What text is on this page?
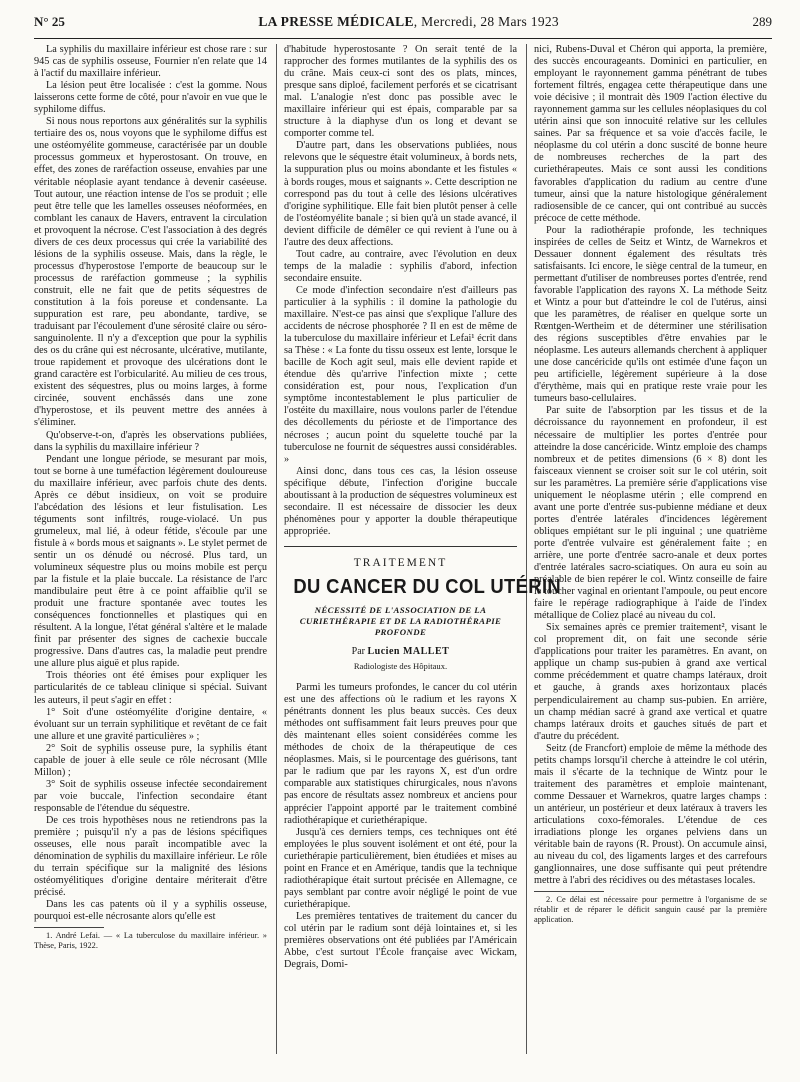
N° 25	LA PRESSE MÉDICALE, Mercredi, 28 Mars 1923	289

La syphilis du maxillaire inférieur est chose rare : sur 945 cas de syphilis osseuse, Fournier n'en relate que 14 à l'actif du maxillaire inférieur.

La lésion peut être localisée : c'est la gomme. Nous laisserons cette forme de côté, pour n'avoir en vue que le syphilome diffus.

Si nous nous reportons aux généralités sur la syphilis tertiaire des os, nous voyons que le syphilome diffus est une ostéomyélite gommeuse, caractérisée par un double processus gommeux et hyperostosant. On trouve, en effet, des zones de raréfaction osseuse, envahies par une véritable néoplasie ayant tendance à devenir caséeuse. Tout autour, une réaction intense de l'os se produit ; elle peut être telle que les lamelles osseuses néoformées, en comblant les canaux de Havers, entravent la circulation et provoquent la nécrose. C'est l'association à des degrés divers de ces deux processus qui crée la variabilité des lésions de la syphilis osseuse. Mais, dans la règle, le processus d'hyperostose l'emporte de beaucoup sur le processus de raréfaction gommeuse ; la syphilis construit, elle ne fait que de petits séquestres de constitution à la fois poreuse et condensante. La suppuration est rare, peu abondante, tardive, se traduisant par l'écoulement d'une sérosité claire ou séro-sanguinolente. Il n'y a d'exception que pour la syphilis des os du crâne qui est nécrosante, ulcérative, mutilante, troue rapidement et provoque des ulcérations dont le grand caractère est l'orbicularité. Au milieu de ces trous, existent des séquestres, plus ou moins larges, à forme circinée, souvent enchâssés dans une zone d'hyperostose, et ils peuvent mettre des années à s'éliminer.

Qu'observe-t-on, d'après les observations publiées, dans la syphilis du maxillaire inférieur ?

Pendant une longue période, se mesurant par mois, tout se borne à une tuméfaction légèrement douloureuse du maxillaire inférieur, avec parfois chute des dents. Après ce début insidieux, on voit se produire l'abcédation des lésions et leur fistulisation. Les téguments sont infiltrés, rouge-violacé. Un pus grumeleux, mal lié, à odeur fétide, s'écoule par une fistule à « bords mous et saignants ». Le stylet permet de sentir un os dénudé ou nécrosé. Plus tard, un volumineux séquestre plus ou moins mobile est perçu par la fistule et la plaie buccale. La résistance de l'arc mandibulaire peut être à ce point affaiblie qu'il se produit une fracture spontanée avec toutes les conséquences fonctionnelles et plastiques qui en résultent. A la longue, l'état général s'altère et le malade finit par présenter des signes de cachexie buccale progressive. Dans d'autres cas, la maladie peut prendre une allure plus aiguë et plus rapide.

Trois théories ont été émises pour expliquer les particularités de ce tableau clinique si spécial. Suivant les auteurs, il peut s'agir en effet :

1° Soit d'une ostéomyélite d'origine dentaire, « évoluant sur un terrain syphilitique et revêtant de ce fait une allure et une gravité particulières » ;

2° Soit de syphilis osseuse pure, la syphilis étant capable de jouer à elle seule ce rôle nécrosant (Mlle Millon) ;

3° Soit de syphilis osseuse infectée secondairement par voie buccale, l'infection secondaire étant responsable de l'étendue du séquestre.

De ces trois hypothèses nous ne retiendrons pas la première ; puisqu'il n'y a pas de lésions spécifiques osseuses, elle nous paraît incompatible avec la dénomination de syphilis du maxillaire inférieur. Le rôle du terrain spécifique sur la malignité des lésions ostéomyélitiques d'origine dentaire mériterait d'être précisé.

Dans les cas patents où il y a syphilis osseuse, pourquoi est-elle nécrosante alors qu'elle est

1. André Lefai. — « La tuberculose du maxillaire inférieur. » Thèse, Paris, 1922.

d'habitude hyperostosante ? On serait tenté de la rapprocher des formes mutilantes de la syphilis des os du crâne. Mais ceux-ci sont des os plats, minces, presque sans diploé, facilement perforés et se cicatrisant mal. L'analogie n'est donc pas possible avec le maxillaire inférieur qui est épais, comparable par sa structure à la diaphyse d'un os long et devant se comporter comme tel.

D'autre part, dans les observations publiées, nous relevons que le séquestre était volumineux, à bords nets, la suppuration plus ou moins abondante et les fistules « à bords rouges, mous et saignants ». Cette description ne correspond pas du tout à celle des lésions ulcératives d'origine syphilitique. Elle fait bien plutôt penser à celle de l'ostéomyélite banale ; si bien qu'à un stade avancé, il devient difficile de démêler ce qui revient à l'une ou à l'autre des deux affections.

Tout cadre, au contraire, avec l'évolution en deux temps de la maladie : syphilis d'abord, infection secondaire ensuite.

Ce mode d'infection secondaire n'est d'ailleurs pas particulier à la syphilis : il domine la pathologie du maxillaire. N'est-ce pas ainsi que s'explique l'allure des accidents de nécrose phosphorée ? Il en est de même de la tuberculose du maxillaire inférieur et Lefai¹ écrit dans sa Thèse : « La fonte du tissu osseux est lente, lorsque le bacille de Koch agit seul, mais elle devient rapide et étendue dès qu'arrive l'infection mixte ; cette considération est, pour nous, l'explication d'un symptôme incontestablement le plus particulier de l'ostéite du maxillaire, nous voulons parler de l'étendue des décollements du périoste et de l'importance des nécroses ; aucun point du squelette touché par la tuberculose ne fournit de séquestres aussi considérables. »

Ainsi donc, dans tous ces cas, la lésion osseuse spécifique débute, l'infection d'origine buccale aboutissant à la production de séquestres volumineux est secondaire. Il est nécessaire de dissocier les deux phénomènes pour y apporter la double thérapeutique appropriée.

TRAITEMENT
DU CANCER DU COL UTÉRIN
NÉCESSITÉ DE L'ASSOCIATION DE LA CURIETHÉRAPIE ET DE LA RADIOTHÉRAPIE PROFONDE
Par Lucien MALLET
Radiologiste des Hôpitaux.

Parmi les tumeurs profondes, le cancer du col utérin est une des affections où le radium et les rayons X pénétrants donnent les plus beaux succès. Ces deux méthodes ont suffisamment fait leurs preuves pour que dès maintenant elles soient considérées comme les méthodes de choix de la thérapeutique de ces néoplasmes. Mais, si le pourcentage des guérisons, tant par le radium que par les rayons X, est d'un ordre comparable aux statistiques chirurgicales, nous n'avons pas encore de résultats assez nombreux et anciens pour apprécier l'appoint apporté par le traitement combiné radiothérapique et curiethérapique.

Jusqu'à ces derniers temps, ces techniques ont été employées le plus souvent isolément et ont été, pour la curiethérapie particulièrement, bien étudiées et mises au point en France et en Amérique, tandis que la technique radiothérapique était surtout précisée en Allemagne, ce pays semblant par contre avoir négligé le point de vue curiethérapique.

Les premières tentatives de traitement du cancer du col utérin par le radium sont déjà lointaines et, si les premières observations ont été publiées par l'Américain Abbe, c'est surtout l'École française avec Wickam, Degrais, Domi-

nici, Rubens-Duval et Chéron qui apporta, la première, des succès encourageants. Dominici en particulier, en employant le rayonnement gamma pénétrant de tubes fortement filtrés, engagea cette thérapeutique dans une voie décisive ; il montrait dès 1909 l'action élective du rayonnement gamma sur les cellules néoplasiques du col utérin ainsi que son innocuité relative sur les cellules saines. Par sa fréquence et sa voie d'accès facile, le néoplasme du col utérin a donc suscité de bonne heure de nombreuses recherches de la part des curiethérapeutes. Mais ce sont aussi les conditions favorables d'application du radium au centre d'une tumeur, ainsi que la nature histologique généralement radiosensible de ce cancer, qui ont contribué au succès précoce de cette méthode.

Pour la radiothérapie profonde, les techniques inspirées de celles de Seitz et Wintz, de Warnekros et Dessauer donnent également des résultats très satisfaisants. Ici encore, le siège central de la tumeur, en permettant d'utiliser de nombreuses portes d'entrée, rend favorable l'application des rayons X. La méthode Seitz et Wintz a pour but d'atteindre le col de l'utérus, ainsi que les paramètres, de réaliser en quelque sorte un Rœntgen-Wertheim et de déterminer une stérilisation des régions susceptibles d'être envahies par le néoplasme. Les auteurs allemands cherchent à appliquer une dose cancéricide qu'ils ont estimée d'une façon un peu artificielle, légèrement supérieure à la dose d'érythème, mais qui en pratique reste vraie pour les tumeurs baso-cellulaires.

Par suite de l'absorption par les tissus et de la décroissance du rayonnement en profondeur, il est nécessaire de multiplier les portes d'entrée pour atteindre la dose cancéricide. Wintz emploie des champs nombreux et de petites dimensions (6 × 8) dont les faisceaux viennent se croiser soit sur le col utérin, soit sur les paramètres. La première série d'applications vise uniquement le néoplasme utérin ; elle comprend en avant une porte d'entrée sus-pubienne médiane et deux portes d'entrée latérales d'incidences légèrement obliques empiétant sur le pli inguinal ; une quatrième porte d'entrée vulvaire est généralement faite ; en arrière, une porte d'entrée sacro-anale et deux portes d'entrée latérales sacro-sciatiques. On aura eu soin au préalable de bien repérer le col. Wintz conseille de faire le toucher vaginal en orientant l'ampoule, ou peut encore faire le repérage radiographique à l'aide de l'index métallique de Coliez placé au niveau du col.

Six semaines après ce premier traitement², visant le col proprement dit, on fait une seconde série d'applications pour traiter les paramètres. En avant, on applique un champ sus-pubien à grand axe vertical comme précédemment et quatre champs latéraux, droit et gauche, à grands axes horizontaux placés perpendiculairement au champ sus-pubien. En arrière, un champ médian sacré à grand axe vertical et quatre champs latéraux droits et gauches situés de part et d'autre du précédent.

Seitz (de Francfort) emploie de même la méthode des petits champs lorsqu'il cherche à atteindre le col utérin, mais il s'écarte de la technique de Wintz pour le traitement des paramètres et emploie maintenant, comme Dessauer et Warnekros, quatre larges champs : un antérieur, un postérieur et deux latéraux à travers les articulations coxo-fémorales. L'étendue de ces irradiations plonge les organes pelviens dans un véritable bain de rayons (R. Proust). On accumule ainsi, au niveau du col, des ligaments larges et des carrefours ganglionnaires, une dose suffisante qui peut prétendre mettre à l'abri des récidives ou des métastases locales.

2. Ce délai est nécessaire pour permettre à l'organisme de se rétablir et de réparer le déficit sanguin causé par la première application.
